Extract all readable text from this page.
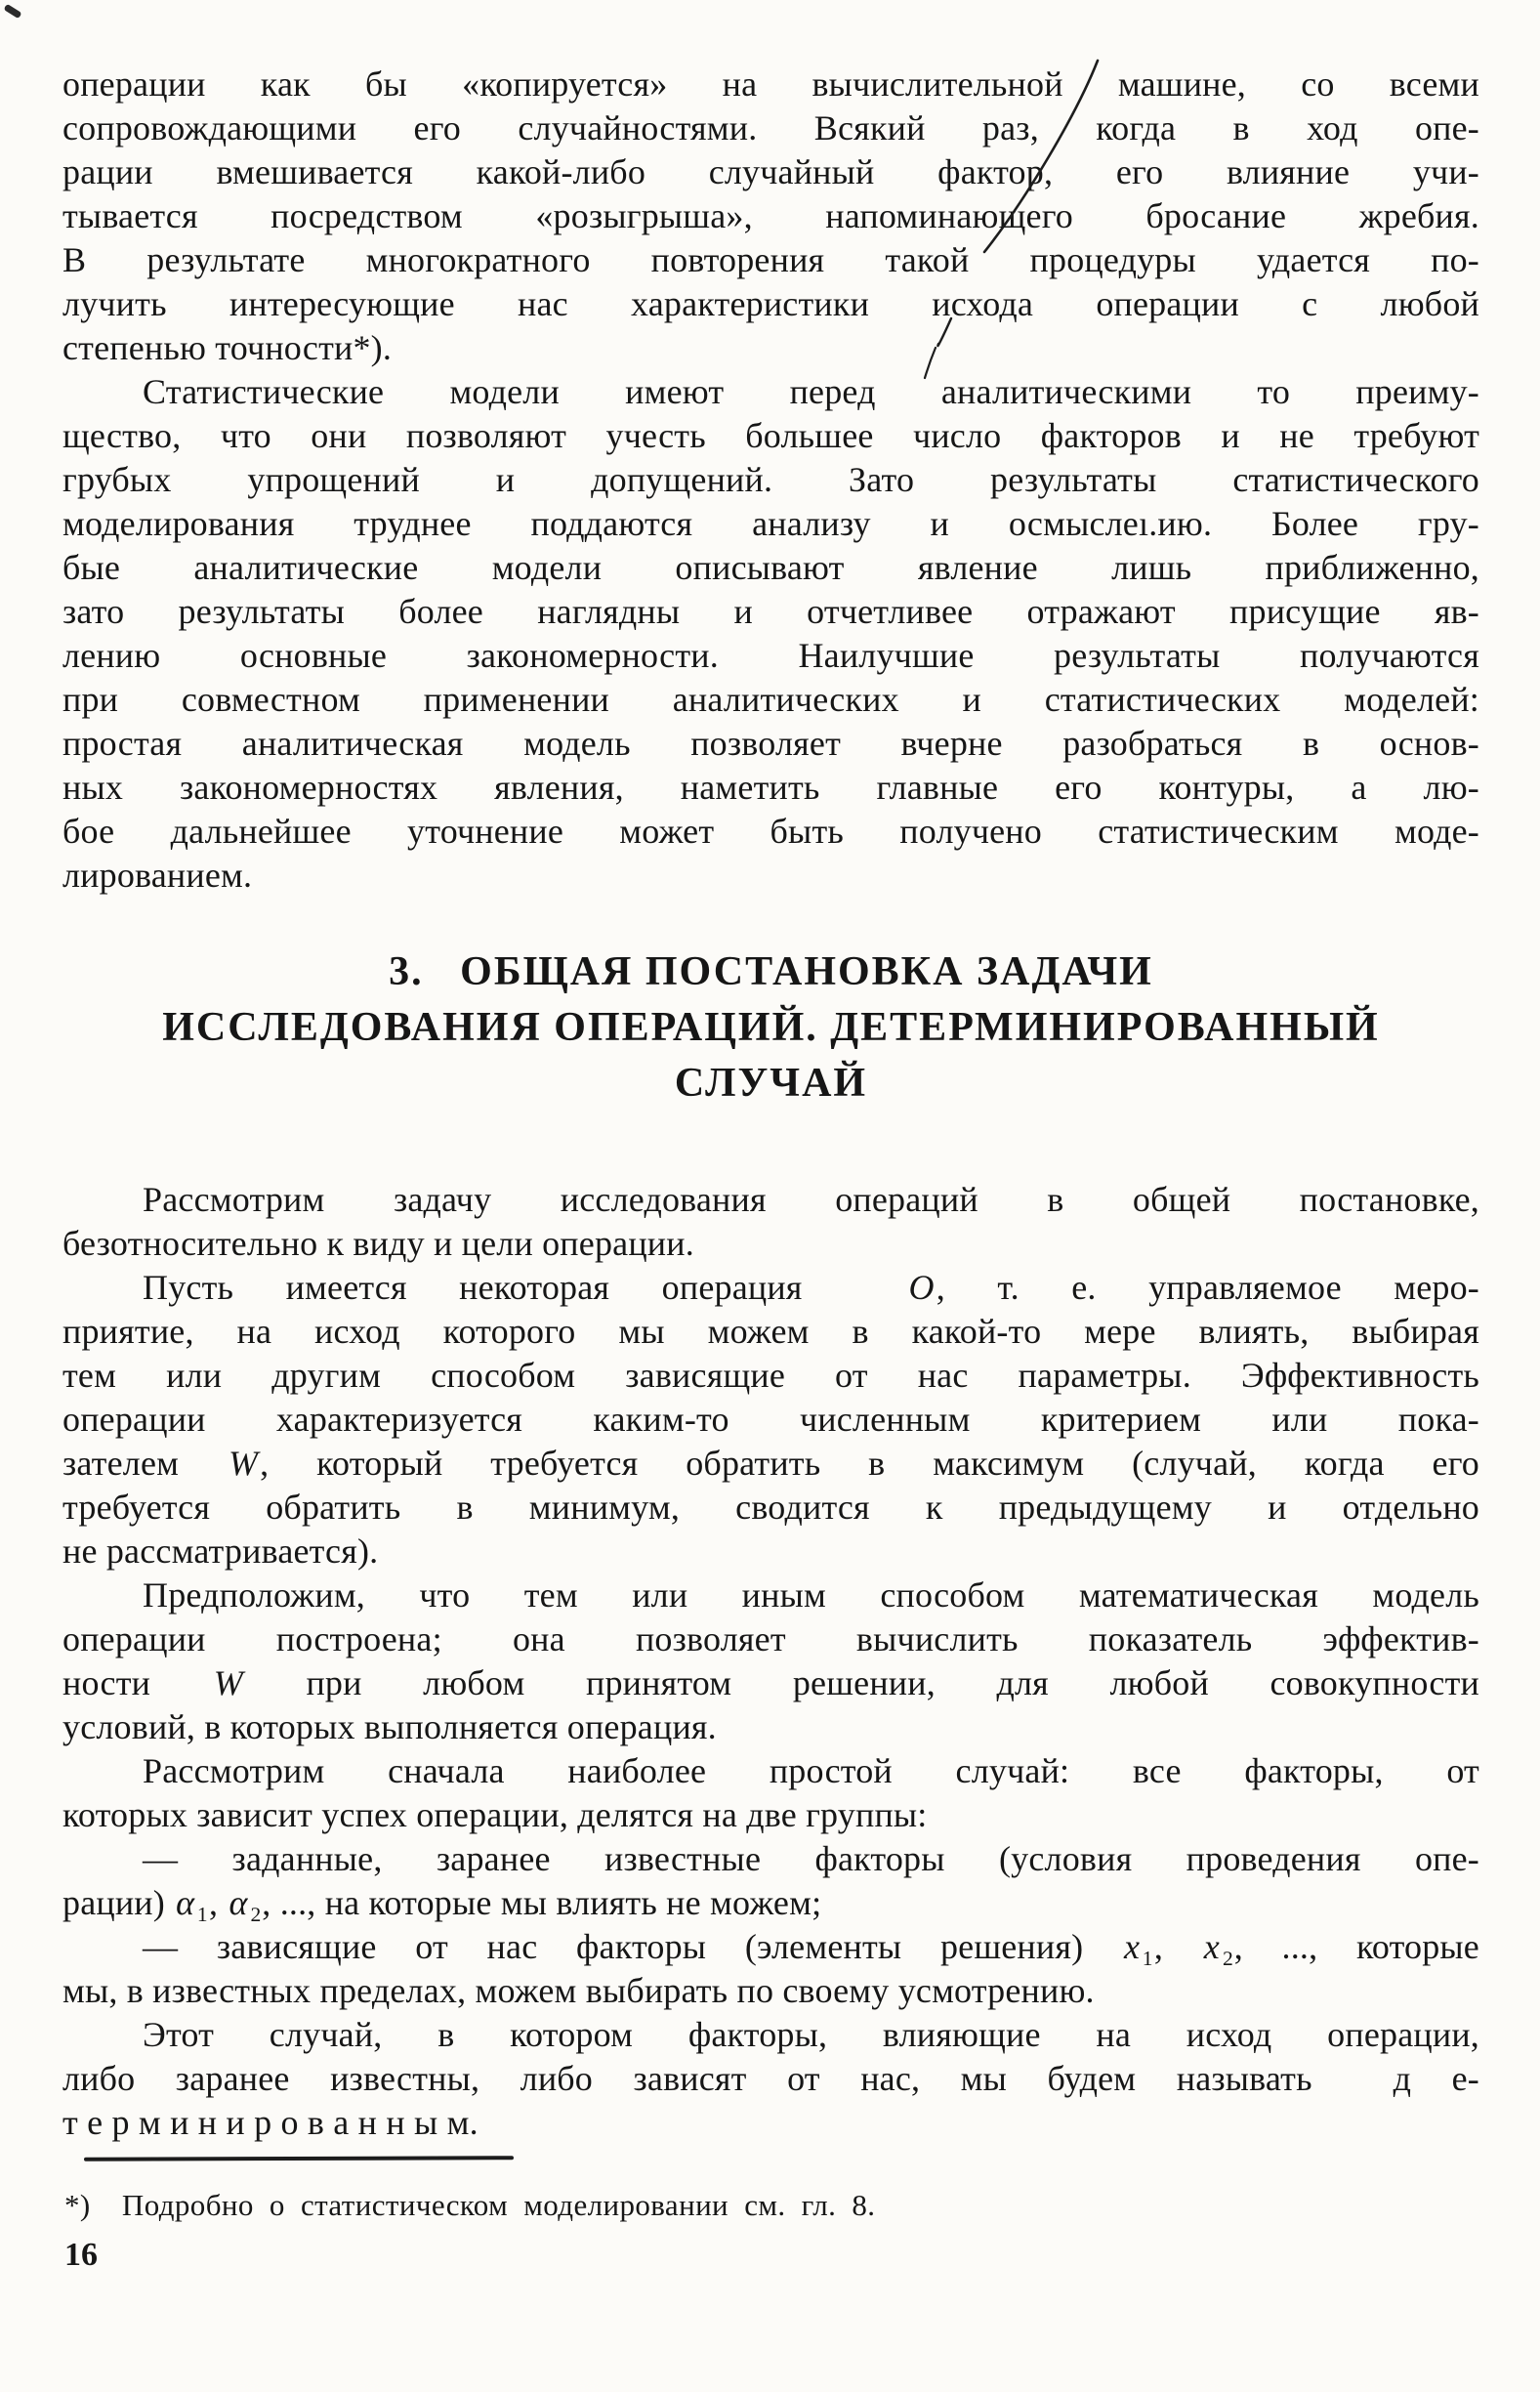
операции как бы «копируется» на вычислительной машине, со всеми
сопровождающими его случайностями. Всякий раз, когда в ход опе-
рации вмешивается какой-либо случайный фактор, его влияние учи-
тывается посредством «розыгрыша», напоминающего бросание жребия.
В результате многократного повторения такой процедуры удается по-
лучить интересующие нас характеристики исхода операции с любой
степенью точности*).
Статистические модели имеют перед аналитическими то преиму-
щество, что они позволяют учесть большее число факторов и не требуют
грубых упрощений и допущений. Зато результаты статистического
моделирования труднее поддаются анализу и осмыслеı.ию. Более гру-
бые аналитические модели описывают явление лишь приближенно,
зато результаты более наглядны и отчетливее отражают присущие яв-
лению основные закономерности. Наилучшие результаты получаются
при совместном применении аналитических и статистических моделей:
простая аналитическая модель позволяет вчерне разобраться в основ-
ных закономерностях явления, наметить главные его контуры, а лю-
бое дальнейшее уточнение может быть получено статистическим моде-
лированием.
3.   ОБЩАЯ ПОСТАНОВКА ЗАДАЧИ
ИССЛЕДОВАНИЯ ОПЕРАЦИЙ. ДЕТЕРМИНИРОВАННЫЙ
СЛУЧАЙ
Рассмотрим задачу исследования операций в общей постановке,
безотносительно к виду и цели операции.
Пусть имеется некоторая операция  O, т. е. управляемое меро-
приятие, на исход которого мы можем в какой-то мере влиять, выбирая
тем или другим способом зависящие от нас параметры. Эффективность
операции характеризуется каким-то численным критерием или пока-
зателем W, который требуется обратить в максимум (случай, когда его
требуется обратить в минимум, сводится к предыдущему и отдельно
не рассматривается).
Предположим, что тем или иным способом математическая модель
операции построена; она позволяет вычислить показатель эффектив-
ности W при любом принятом решении, для любой совокупности
условий, в которых выполняется операция.
Рассмотрим сначала наиболее простой случай: все факторы, от
которых зависит успех операции, делятся на две группы:
— заданные, заранее известные факторы (условия проведения опе-
рации) α₁, α₂, ..., на которые мы влиять не можем;
— зависящие от нас факторы (элементы решения) x₁, x₂, ..., которые
мы, в известных пределах, можем выбирать по своему усмотрению.
Этот случай, в котором факторы, влияющие на исход операции,
либо заранее известны, либо зависят от нас, мы будем называть  д е-
т е р м и н и р о в а н н ы м.
*)  Подробно о статистическом моделировании см. гл. 8.
16
